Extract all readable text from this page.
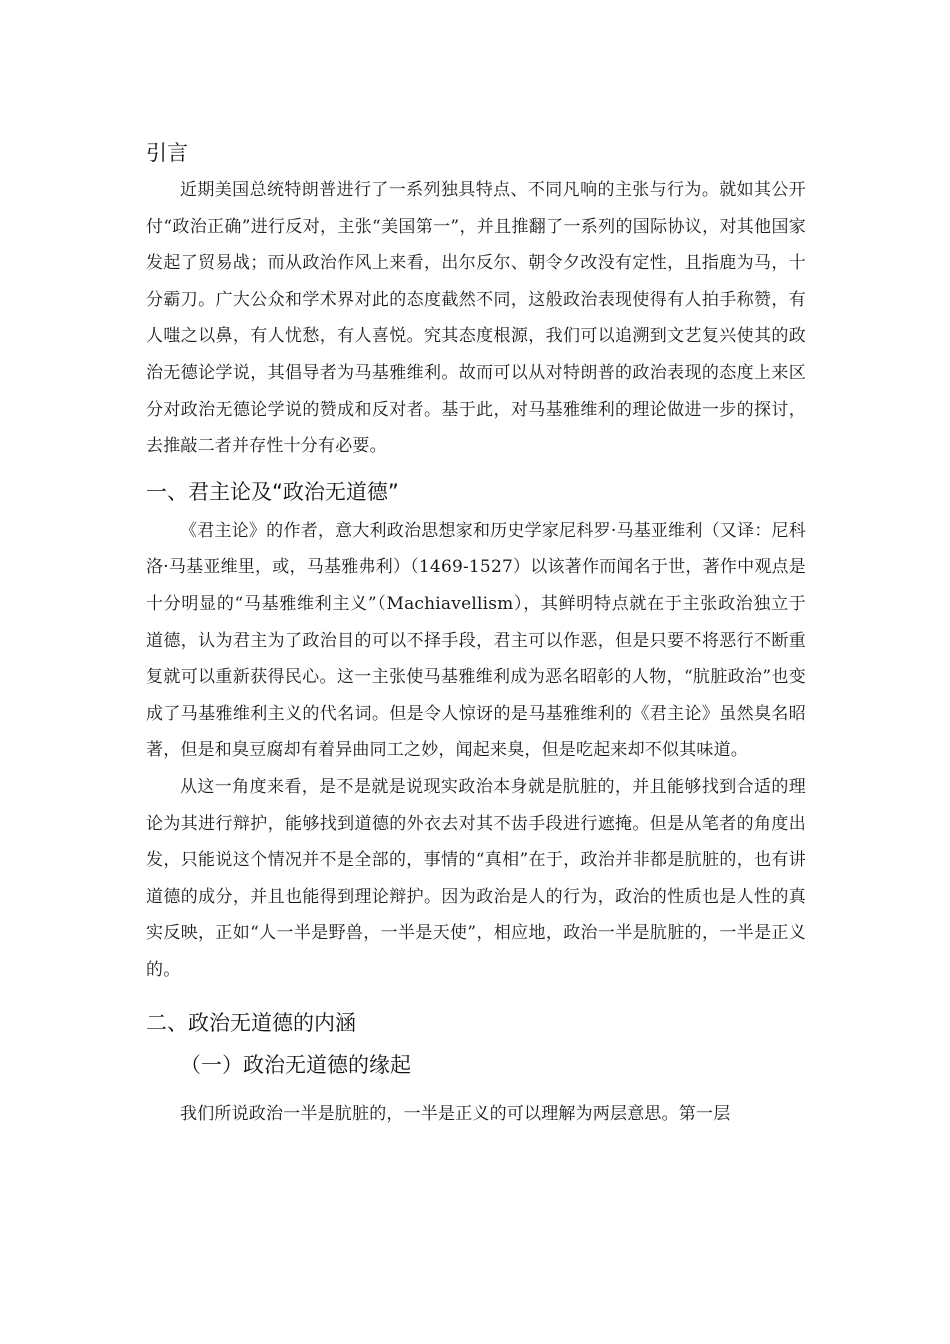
引言

近期美国总统特朗普进行了一系列独具特点、不同凡响的主张与行为。就如其公开付“政治正确”进行反对，主张“美国第一”，并且推翻了一系列的国际协议，对其他国家发起了贸易战；而从政治作风上来看，出尔反尔、朝令夕改没有定性，且指鹿为马，十分霸刀。广大公众和学术界对此的态度截然不同，这般政治表现使得有人拍手称赞，有人嗤之以鼻，有人忧愁，有人喜悦。究其态度根源，我们可以追溯到文艺复兴使其的政治无德论学说，其倡导者为马基雅维利。故而可以从对特朗普的政治表现的态度上来区分对政治无德论学说的赞成和反对者。基于此，对马基雅维利的理论做进一步的探讨，去推敲二者并存性十分有必要。

一、君主论及“政治无道德”

《君主论》的作者，意大利政治思想家和历史学家尼科罗·马基亚维利（又译：尼科洛·马基亚维里，或，马基雅弗利）（1469-1527）以该著作而闻名于世，著作中观点是十分明显的“马基雅维利主义”（Machiavellism），其鲜明特点就在于主张政治独立于道德，认为君主为了政治目的可以不择手段，君主可以作恶，但是只要不将恶行不断重复就可以重新获得民心。这一主张使马基雅维利成为恶名昭彰的人物，“肮脏政治”也变成了马基雅维利主义的代名词。但是令人惊讶的是马基雅维利的《君主论》虽然臭名昭著，但是和臭豆腐却有着异曲同工之妙，闻起来臭，但是吃起来却不似其味道。

从这一角度来看，是不是就是说现实政治本身就是肮脏的，并且能够找到合适的理论为其进行辩护，能够找到道德的外衣去对其不齿手段进行遮掩。但是从笔者的角度出发，只能说这个情况并不是全部的，事情的“真相”在于，政治并非都是肮脏的，也有讲道德的成分，并且也能得到理论辩护。因为政治是人的行为，政治的性质也是人性的真实反映，正如“人一半是野兽，一半是天使”，相应地，政治一半是肮脏的，一半是正义的。

二、政治无道德的内涵
（一）政治无道德的缘起

我们所说政治一半是肮脏的，一半是正义的可以理解为两层意思。第一层
